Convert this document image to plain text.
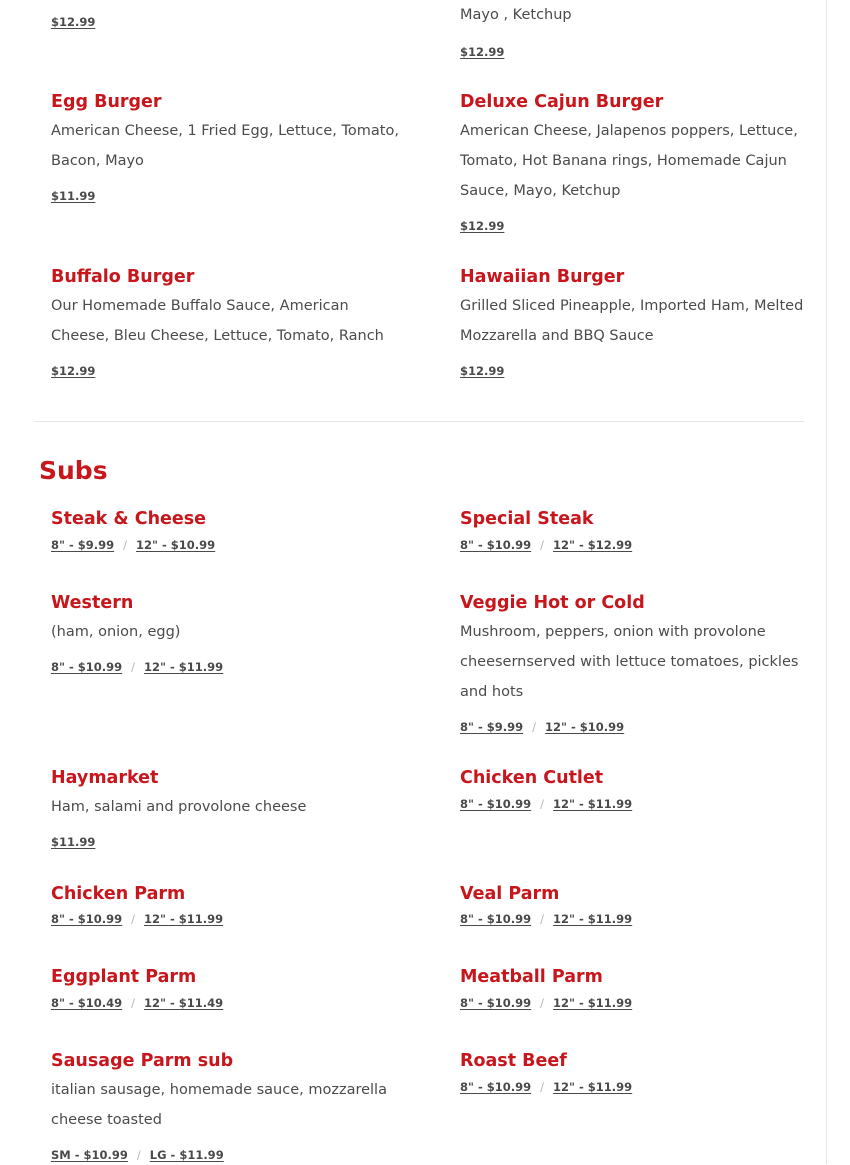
$12.99	Mayo , Ketchup

$12.99
Egg Burger

American Cheese, 1 Fried Egg, Lettuce, Tomato, Bacon, Mayo

$11.99
Deluxe Cajun Burger

American Cheese, Jalapenos poppers, Lettuce, Tomato, Hot Banana rings, Homemade Cajun Sauce, Mayo, Ketchup

$12.99
Buffalo Burger

Our Homemade Buffalo Sauce, American Cheese, Bleu Cheese, Lettuce, Tomato, Ranch

$12.99
Hawaiian Burger

Grilled Sliced Pineapple, Imported Ham, Melted Mozzarella and BBQ Sauce

$12.99
Subs
Steak & Cheese
8" - $9.99 / 12" - $10.99
Special Steak
8" - $10.99 / 12" - $12.99
Western

(ham, onion, egg)

8" - $10.99 / 12" - $11.99
Veggie Hot or Cold

Mushroom, peppers, onion with provolone cheesernserved with lettuce tomatoes, pickles and hots

8" - $9.99 / 12" - $10.99
Haymarket

Ham, salami and provolone cheese

$11.99
Chicken Cutlet
8" - $10.99 / 12" - $11.99
Chicken Parm
8" - $10.99 / 12" - $11.99
Veal Parm
8" - $10.99 / 12" - $11.99
Eggplant Parm
8" - $10.49 / 12" - $11.49
Meatball Parm
8" - $10.99 / 12" - $11.99
Sausage Parm sub

italian sausage, homemade sauce, mozzarella cheese toasted

SM - $10.99 / LG - $11.99
Roast Beef
8" - $10.99 / 12" - $11.99
